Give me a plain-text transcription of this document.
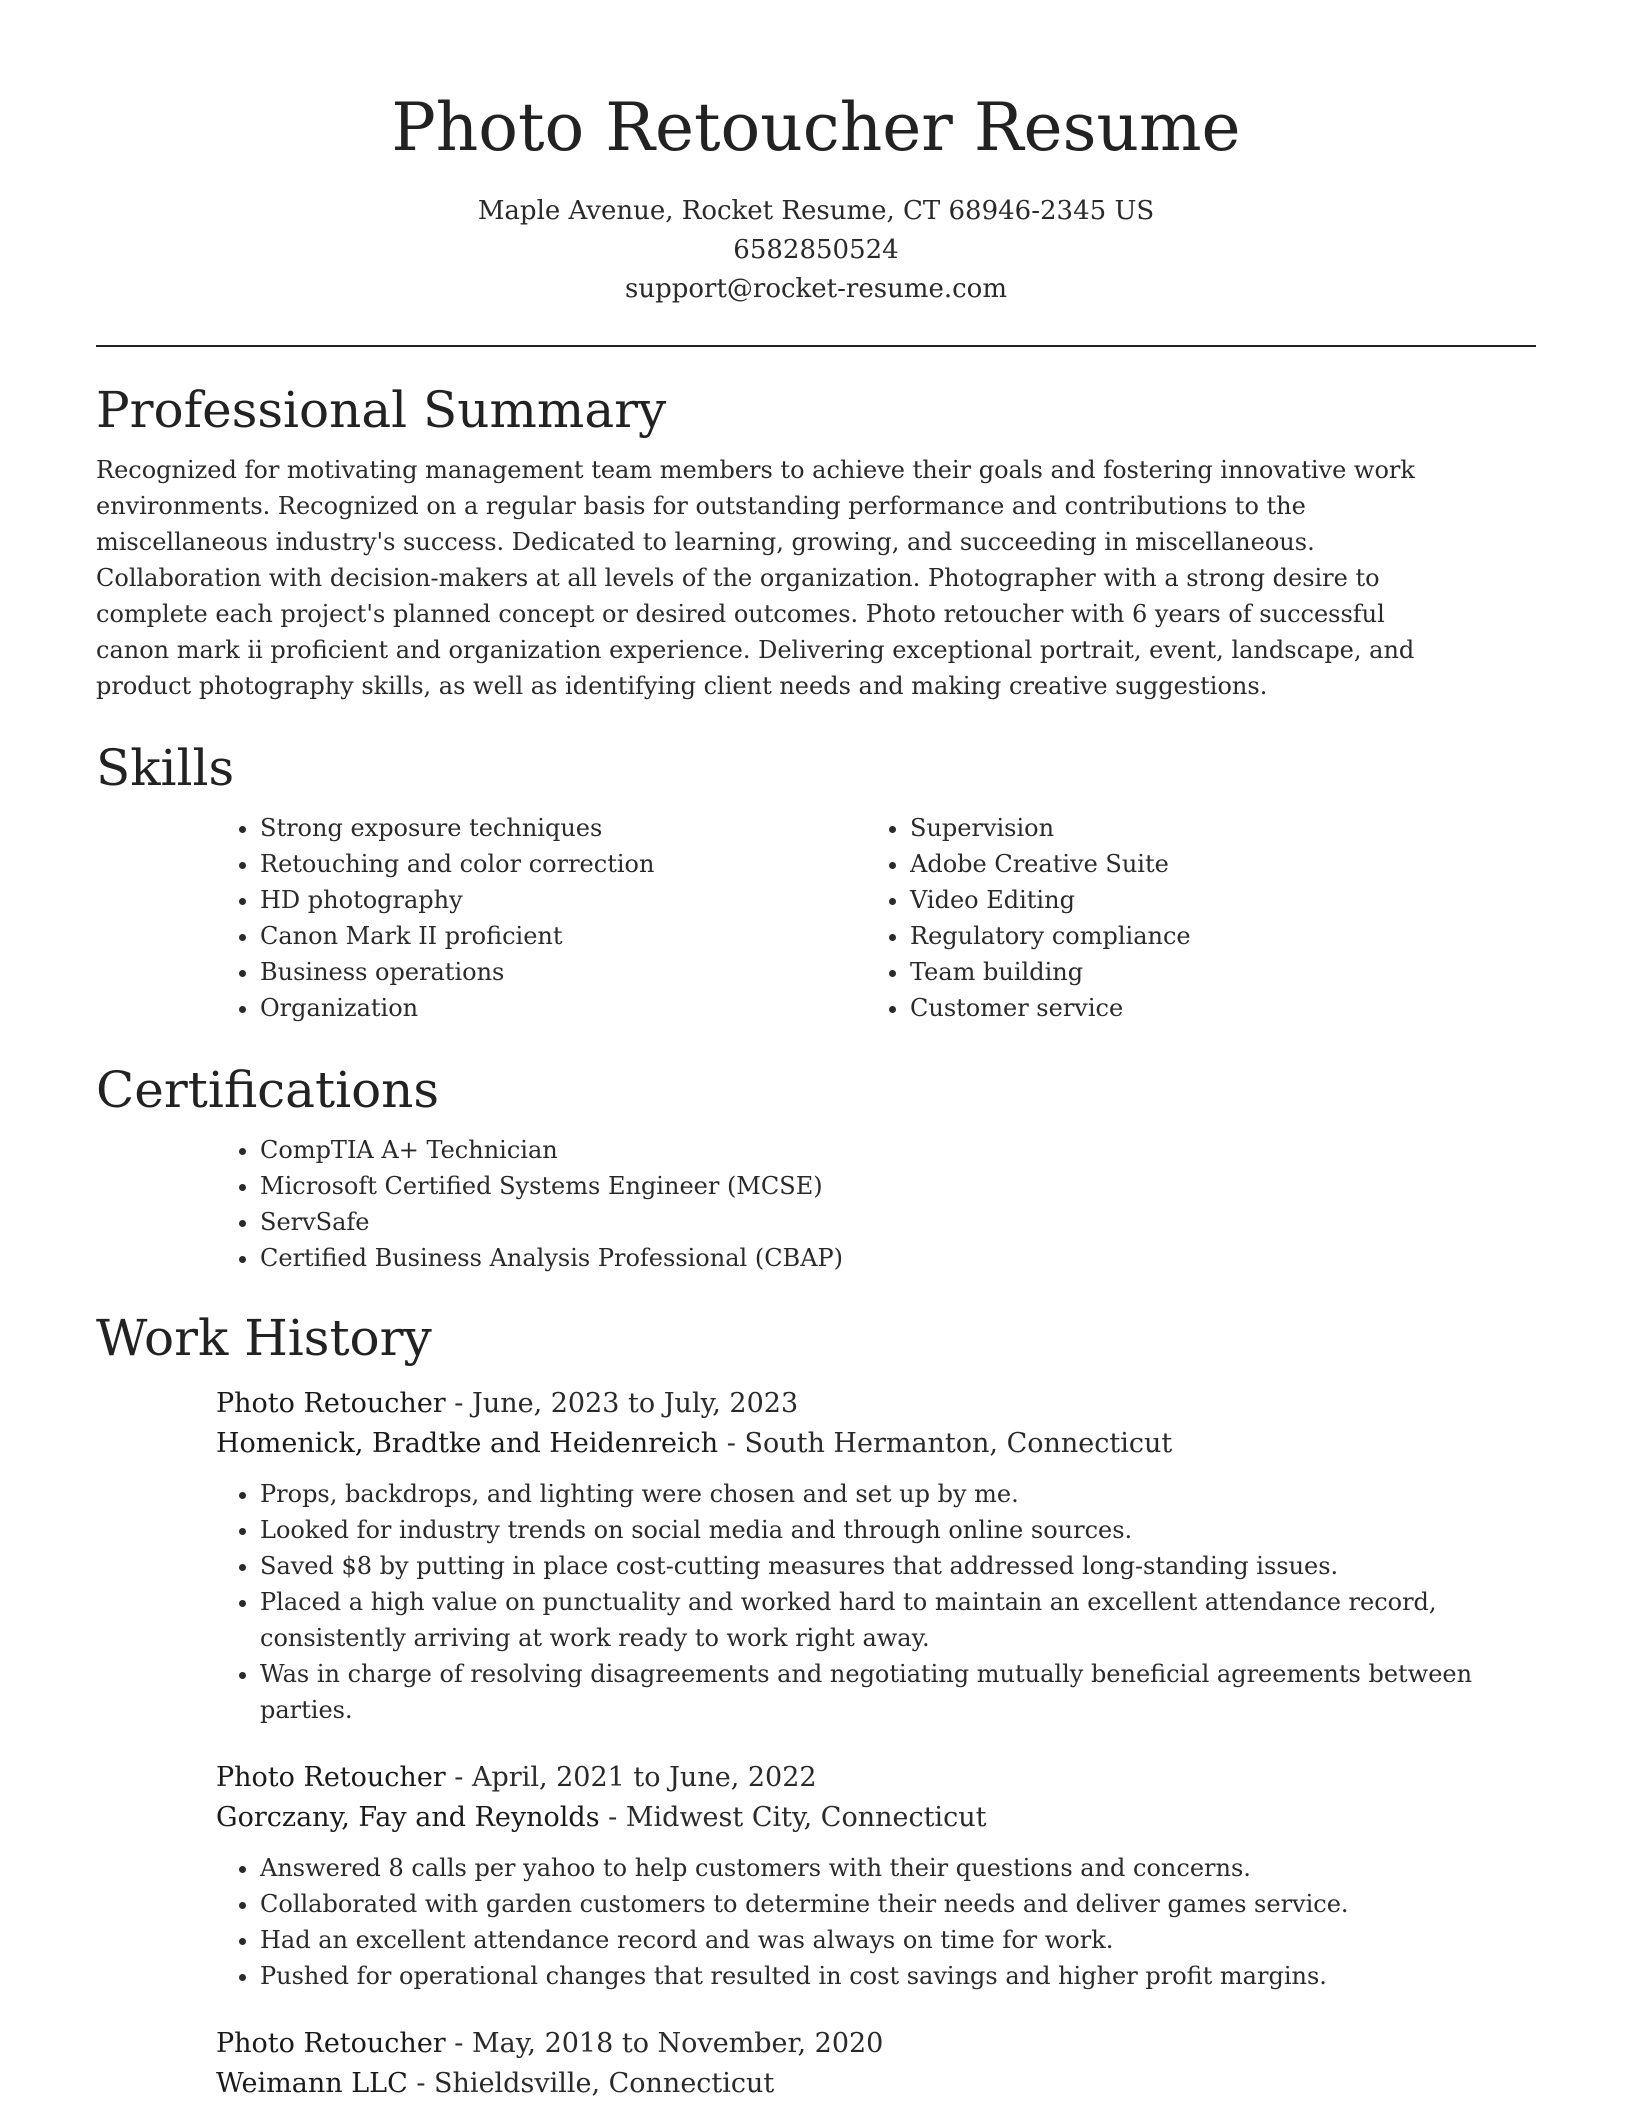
Photo Retoucher Resume
Maple Avenue, Rocket Resume, CT 68946-2345 US
6582850524
support@rocket-resume.com
Professional Summary

Recognized for motivating management team members to achieve their goals and fostering innovative work environments. Recognized on a regular basis for outstanding performance and contributions to the miscellaneous industry's success. Dedicated to learning, growing, and succeeding in miscellaneous. Collaboration with decision-makers at all levels of the organization. Photographer with a strong desire to complete each project's planned concept or desired outcomes. Photo retoucher with 6 years of successful canon mark ii proficient and organization experience. Delivering exceptional portrait, event, landscape, and product photography skills, as well as identifying client needs and making creative suggestions.

Skills
• Strong exposure techniques
• Retouching and color correction
• HD photography
• Canon Mark II proficient
• Business operations
• Organization
• Supervision
• Adobe Creative Suite
• Video Editing
• Regulatory compliance
• Team building
• Customer service
Certifications
• CompTIA A+ Technician
• Microsoft Certified Systems Engineer (MCSE)
• ServSafe
• Certified Business Analysis Professional (CBAP)
Work History
Photo Retoucher - June, 2023 to July, 2023
Homenick, Bradtke and Heidenreich - South Hermanton, Connecticut
• Props, backdrops, and lighting were chosen and set up by me.
• Looked for industry trends on social media and through online sources.
• Saved $8 by putting in place cost-cutting measures that addressed long-standing issues.
• Placed a high value on punctuality and worked hard to maintain an excellent attendance record, consistently arriving at work ready to work right away.
• Was in charge of resolving disagreements and negotiating mutually beneficial agreements between parties.
Photo Retoucher - April, 2021 to June, 2022
Gorczany, Fay and Reynolds - Midwest City, Connecticut
• Answered 8 calls per yahoo to help customers with their questions and concerns.
• Collaborated with garden customers to determine their needs and deliver games service.
• Had an excellent attendance record and was always on time for work.
• Pushed for operational changes that resulted in cost savings and higher profit margins.
Photo Retoucher - May, 2018 to November, 2020
Weimann LLC - Shieldsville, Connecticut
